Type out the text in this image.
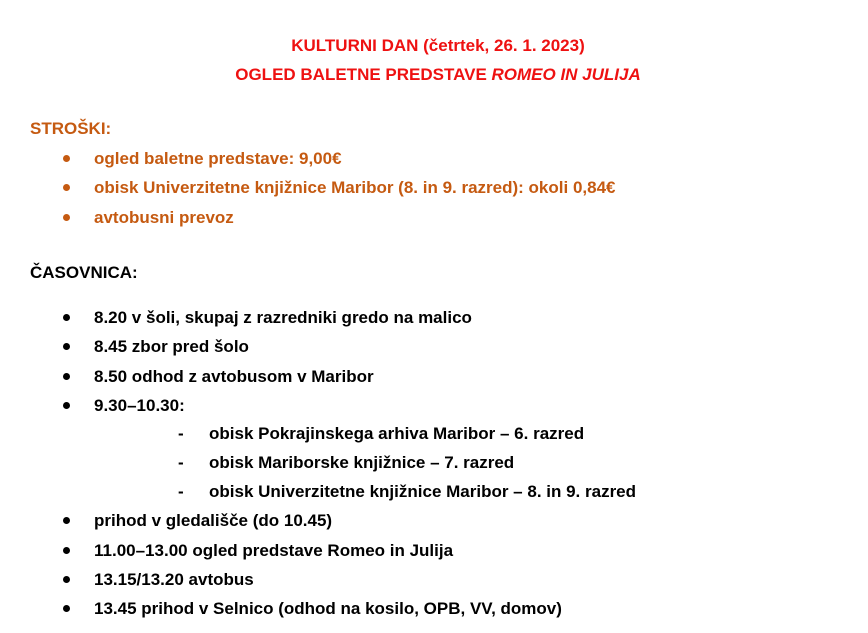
KULTURNI DAN (četrtek, 26. 1. 2023)
OGLED BALETNE PREDSTAVE ROMEO IN JULIJA
STROŠKI:
ogled baletne predstave: 9,00€
obisk Univerzitetne knjižnice Maribor (8. in 9. razred): okoli 0,84€
avtobusni prevoz
ČASOVNICA:
8.20 v šoli, skupaj z razredniki gredo na malico
8.45 zbor pred šolo
8.50 odhod z avtobusom v Maribor
9.30–10.30:
- obisk Pokrajinskega arhiva Maribor – 6. razred
- obisk Mariborske knjižnice – 7. razred
- obisk Univerzitetne knjižnice Maribor – 8. in 9. razred
prihod v gledališče (do 10.45)
11.00–13.00 ogled predstave Romeo in Julija
13.15/13.20 avtobus
13.45 prihod v Selnico (odhod na kosilo, OPB, VV, domov)
